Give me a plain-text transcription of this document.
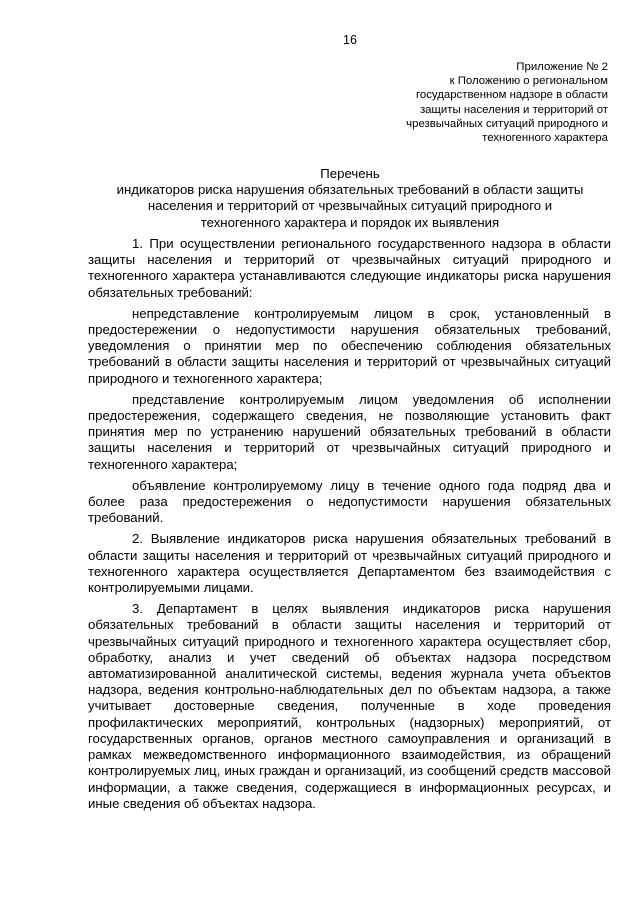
16
Приложение № 2
к Положению о региональном
государственном надзоре в области
защиты населения и территорий от
чрезвычайных ситуаций природного и
техногенного характера
Перечень
индикаторов риска нарушения обязательных требований в области защиты
населения и территорий от чрезвычайных ситуаций природного и
техногенного характера и порядок их выявления

1. При осуществлении регионального государственного надзора в области защиты населения и территорий от чрезвычайных ситуаций природного и техногенного характера устанавливаются следующие индикаторы риска нарушения обязательных требований:

непредставление контролируемым лицом в срок, установленный в предостережении о недопустимости нарушения обязательных требований, уведомления о принятии мер по обеспечению соблюдения обязательных требований в области защиты населения и территорий от чрезвычайных ситуаций природного и техногенного характера;

представление контролируемым лицом уведомления об исполнении предостережения, содержащего сведения, не позволяющие установить факт принятия мер по устранению нарушений обязательных требований в области защиты населения и территорий от чрезвычайных ситуаций природного и техногенного характера;

объявление контролируемому лицу в течение одного года подряд два и более раза предостережения о недопустимости нарушения обязательных требований.

2. Выявление индикаторов риска нарушения обязательных требований в области защиты населения и территорий от чрезвычайных ситуаций природного и техногенного характера осуществляется Департаментом без взаимодействия с контролируемыми лицами.

3. Департамент в целях выявления индикаторов риска нарушения обязательных требований в области защиты населения и территорий от чрезвычайных ситуаций природного и техногенного характера осуществляет сбор, обработку, анализ и учет сведений об объектах надзора посредством автоматизированной аналитической системы, ведения журнала учета объектов надзора, ведения контрольно-наблюдательных дел по объектам надзора, а также учитывает достоверные сведения, полученные в ходе проведения профилактических мероприятий, контрольных (надзорных) мероприятий, от государственных органов, органов местного самоуправления и организаций в рамках межведомственного информационного взаимодействия, из обращений контролируемых лиц, иных граждан и организаций, из сообщений средств массовой информации, а также сведения, содержащиеся в информационных ресурсах, и иные сведения об объектах надзора.
